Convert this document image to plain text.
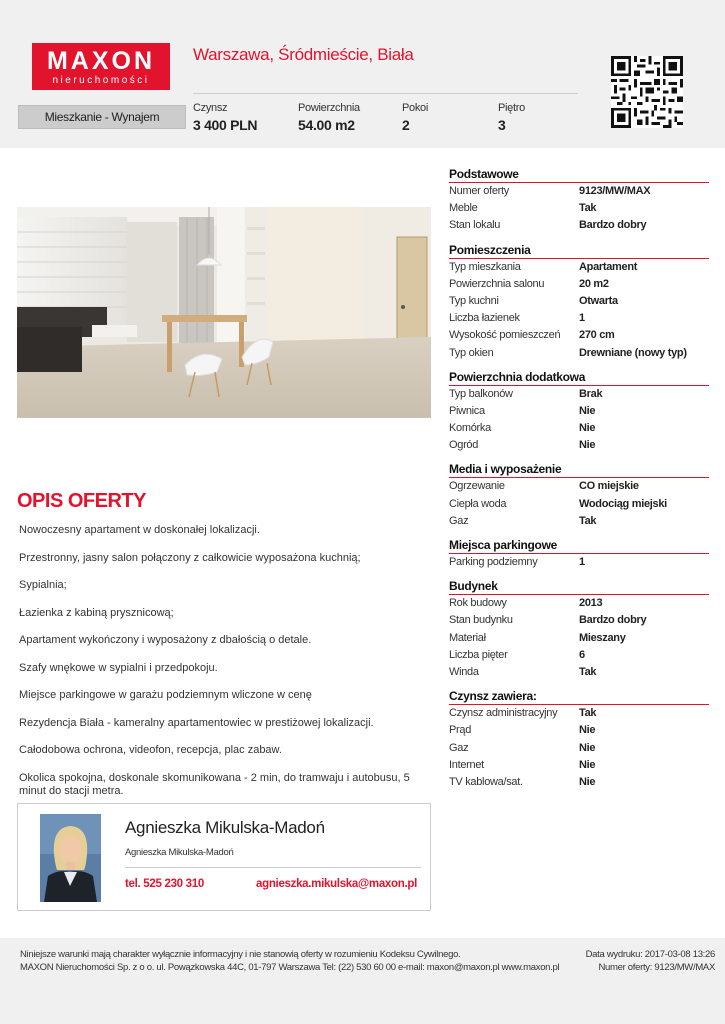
MAXON
nieruchomości
Warszawa, Śródmieście, Biała
Mieszkanie - Wynajem
Czynsz
3 400 PLN
Powierzchnia
54.00 m2
Pokoi
2
Piętro
3
OPIS OFERTY

Nowoczesny apartament w doskonałej lokalizacji.

Przestronny, jasny salon połączony z całkowicie wyposażona kuchnią;

Sypialnia;

Łazienka z kabiną prysznicową;

Apartament wykończony i wyposażony z dbałością o detale.

Szafy wnękowe w sypialni i przedpokoju.

Miejsce parkingowe w garażu podziemnym wliczone w cenę

Rezydencja Biała - kameralny apartamentowiec w prestiżowej lokalizacji.

Całodobowa ochrona, videofon, recepcja, plac zabaw.

Okolica spokojna, doskonale skomunikowana - 2 min, do tramwaju i autobusu, 5 minut do stacji metra.

Agnieszka Mikulska-Madoń
Agnieszka Mikulska-Madoń
tel. 525 230 310	agnieszka.mikulska@maxon.pl
Podstawowe
Numer oferty	9123/MW/MAX
Meble	Tak
Stan lokalu	Bardzo dobry
Pomieszczenia
Typ mieszkania	Apartament
Powierzchnia salonu	20 m2
Typ kuchni	Otwarta
Liczba łazienek	1
Wysokość pomieszczeń	270 cm
Typ okien	Drewniane (nowy typ)
Powierzchnia dodatkowa
Typ balkonów	Brak
Piwnica	Nie
Komórka	Nie
Ogród	Nie
Media i wyposażenie
Ogrzewanie	CO miejskie
Ciepła woda	Wodociąg miejski
Gaz	Tak
Miejsca parkingowe
Parking podziemny	1
Budynek
Rok budowy	2013
Stan budynku	Bardzo dobry
Materiał	Mieszany
Liczba pięter	6
Winda	Tak
Czynsz zawiera:
Czynsz administracyjny	Tak
Prąd	Nie
Gaz	Nie
Internet	Nie
TV kablowa/sat.	Nie
Niniejsze warunki mają charakter wyłącznie informacyjny i nie stanowią oferty w rozumieniu Kodeksu Cywilnego.
MAXON Nieruchomości Sp. z o o. ul. Powązkowska 44C, 01-797 Warszawa Tel: (22) 530 60 00 e-mail: maxon@maxon.pl www.maxon.pl
Data wydruku: 2017-03-08 13:26
Numer oferty: 9123/MW/MAX
